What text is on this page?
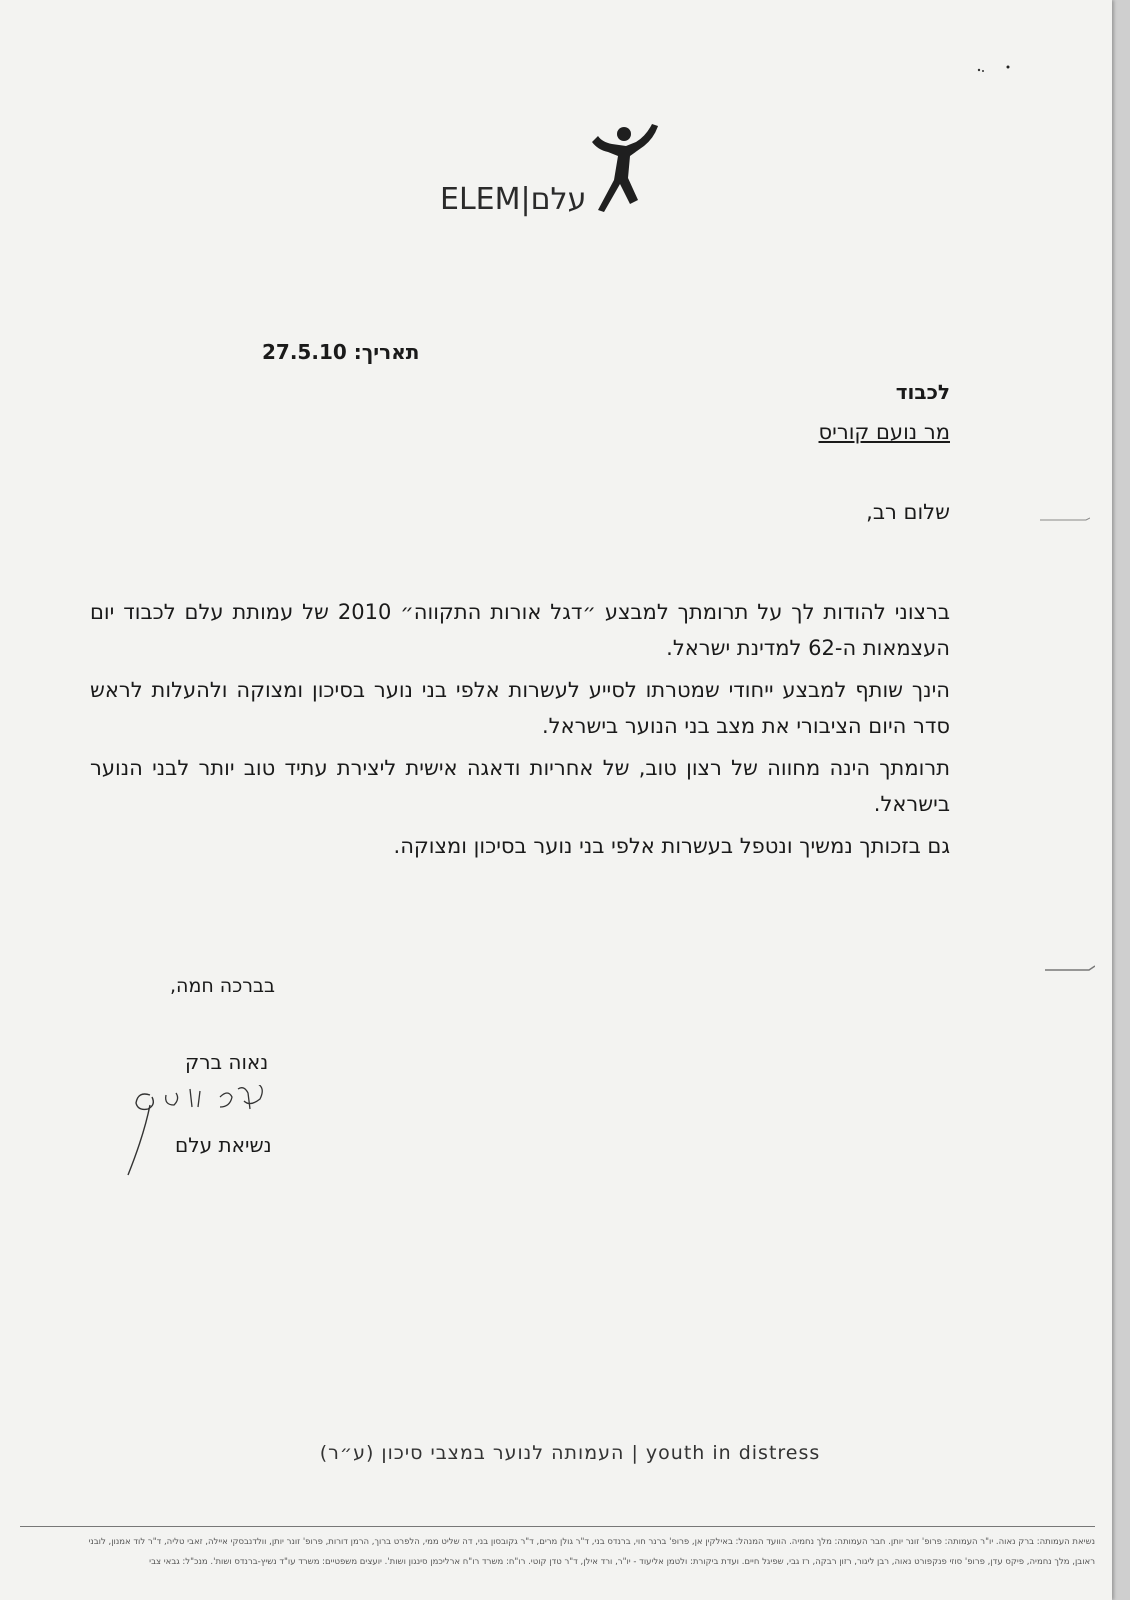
ELEM|עלם
תאריך: 27.5.10
לכבוד
מר נועם קוריס
שלום רב,

ברצוני להודות לך על תרומתך למבצע ״דגל אורות התקווה״ 2010 של עמותת עלם לכבוד יום העצמאות ה-62 למדינת ישראל.

הינך שותף למבצע ייחודי שמטרתו לסייע לעשרות אלפי בני נוער בסיכון ומצוקה ולהעלות לראש סדר היום הציבורי את מצב בני הנוער בישראל.

תרומתך הינה מחווה של רצון טוב, של אחריות ודאגה אישית ליצירת עתיד טוב יותר לבני הנוער בישראל.

גם בזכותך נמשיך ונטפל בעשרות אלפי בני נוער בסיכון ומצוקה.

בברכה חמה,
נאוה ברק
נשיאת עלם
העמותה לנוער במצבי סיכון (ע״ר) | youth in distress
נשיאת העמותה: ברק נאוה. יו"ר העמותה: פרופ' זונר יותן. חבר העמותה: מלך נחמיה. הוועד המנהל: באילקין אן, פרופ' ברנר חוי, ברנדס בני, ד"ר גולן מרים, ד"ר גקובסון בני, דה שליט ממי, הלפרט ברוך, הרמן דורות, פרופ' זונר יותן, וולדנבסקי איילה, זאבי טליה, ד"ר לוד אמנון, לובני
ראובן, מלך נחמיה, פיקס עדן, פרופ' סוזי פנקפורט נאוה, רבן ליגור, רזון רבקה, רז גבי, שפיגל חיים. ועדת ביקורת: ולטמן אליעוד - יו"ר, ורד אילן, ד"ר טדן קוטי. רו"ח: משרד רו"ח ארליכמן סינגון ושות'. יועצים משפטיים: משרד עו"ד נשיץ-ברנדס ושות'. מנכ"ל: גבאי צבי
